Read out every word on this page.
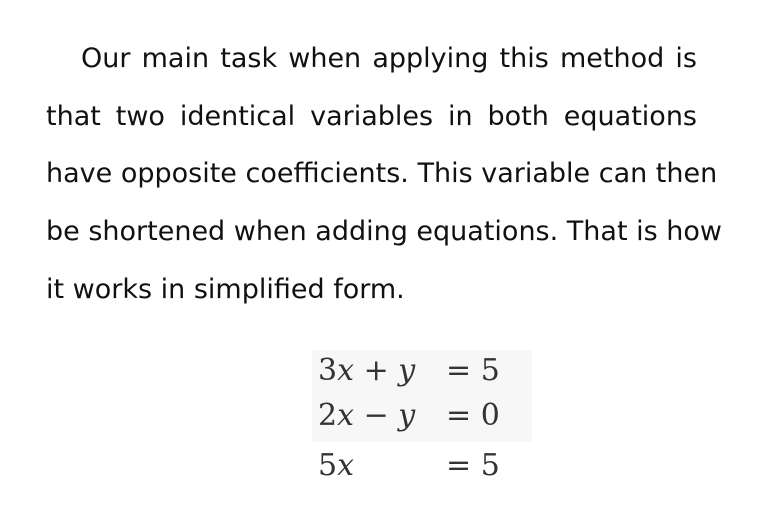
Our main task when applying this method is
that two identical variables in both equations
have opposite coefficients. This variable can then
be shortened when adding equations. That is how
it works in simplified form.
3x + y = 5
2x − y = 0
5x	= 5
